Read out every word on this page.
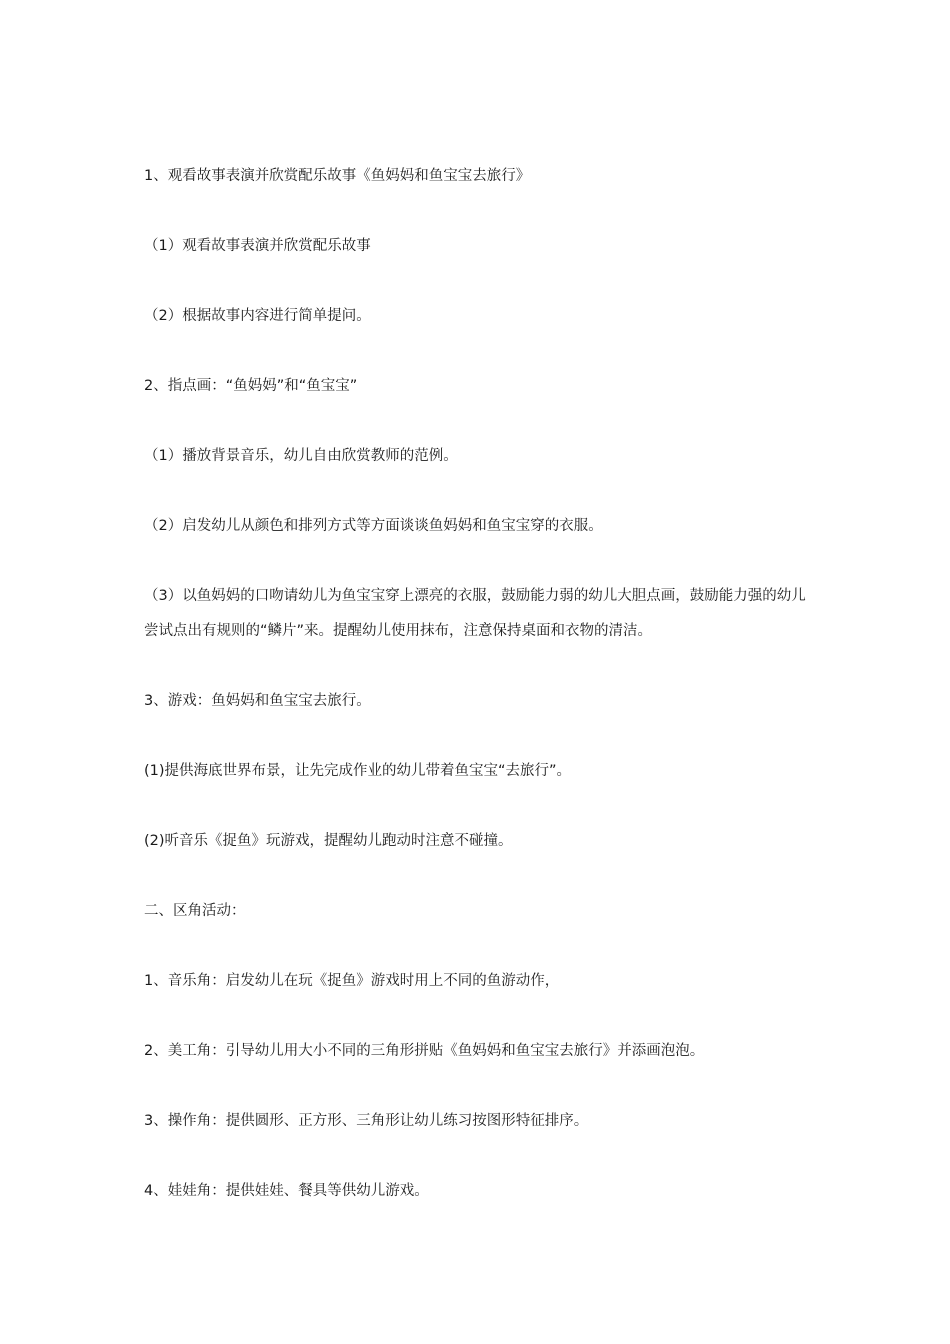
1、观看故事表演并欣赏配乐故事《鱼妈妈和鱼宝宝去旅行》

（1）观看故事表演并欣赏配乐故事

（2）根据故事内容进行简单提问。

2、指点画：“鱼妈妈”和“鱼宝宝”

（1）播放背景音乐，幼儿自由欣赏教师的范例。

（2）启发幼儿从颜色和排列方式等方面谈谈鱼妈妈和鱼宝宝穿的衣服。

（3）以鱼妈妈的口吻请幼儿为鱼宝宝穿上漂亮的衣服，鼓励能力弱的幼儿大胆点画，鼓励能力强的幼儿尝试点出有规则的“鳞片”来。提醒幼儿使用抹布，注意保持桌面和衣物的清洁。

3、游戏：鱼妈妈和鱼宝宝去旅行。

(1)提供海底世界布景，让先完成作业的幼儿带着鱼宝宝“去旅行”。

(2)听音乐《捉鱼》玩游戏，提醒幼儿跑动时注意不碰撞。

二、区角活动：

1、音乐角：启发幼儿在玩《捉鱼》游戏时用上不同的鱼游动作，

2、美工角：引导幼儿用大小不同的三角形拼贴《鱼妈妈和鱼宝宝去旅行》并添画泡泡。

3、操作角：提供圆形、正方形、三角形让幼儿练习按图形特征排序。

4、娃娃角：提供娃娃、餐具等供幼儿游戏。
